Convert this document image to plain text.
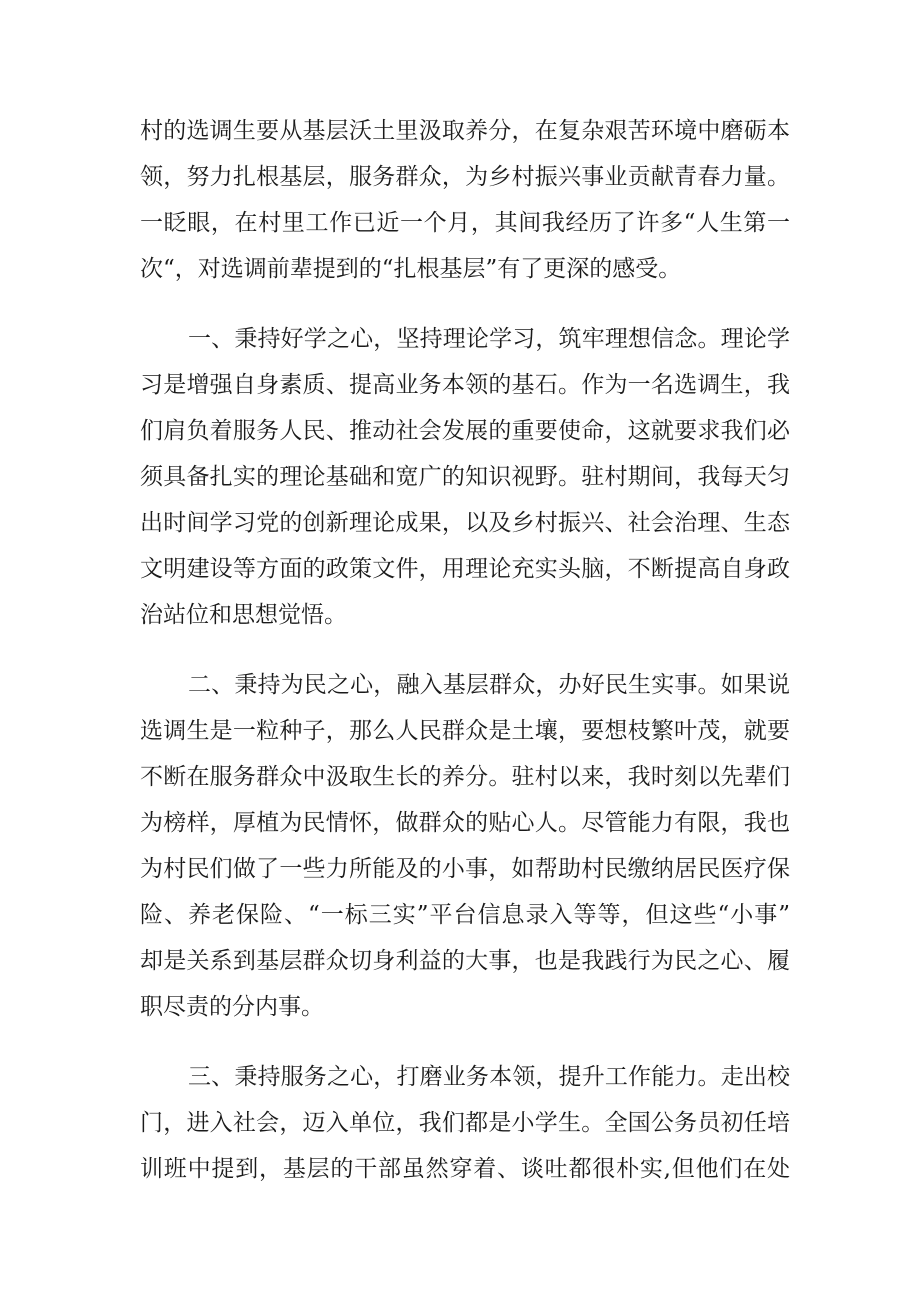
村的选调生要从基层沃土里汲取养分，在复杂艰苦环境中磨砺本

领，努力扎根基层，服务群众，为乡村振兴事业贡献青春力量。

一眨眼，在村里工作已近一个月，其间我经历了许多“人生第一

次“，对选调前辈提到的“扎根基层”有了更深的感受。

一、秉持好学之心，坚持理论学习，筑牢理想信念。理论学

习是增强自身素质、提高业务本领的基石。作为一名选调生，我

们肩负着服务人民、推动社会发展的重要使命，这就要求我们必

须具备扎实的理论基础和宽广的知识视野。驻村期间，我每天匀

出时间学习党的创新理论成果，以及乡村振兴、社会治理、生态

文明建设等方面的政策文件，用理论充实头脑，不断提高自身政

治站位和思想觉悟。

二、秉持为民之心，融入基层群众，办好民生实事。如果说

选调生是一粒种子，那么人民群众是土壤，要想枝繁叶茂，就要

不断在服务群众中汲取生长的养分。驻村以来，我时刻以先辈们

为榜样，厚植为民情怀，做群众的贴心人。尽管能力有限，我也

为村民们做了一些力所能及的小事，如帮助村民缴纳居民医疗保

险、养老保险、“一标三实”平台信息录入等等，但这些“小事”

却是关系到基层群众切身利益的大事，也是我践行为民之心、履

职尽责的分内事。

三、秉持服务之心，打磨业务本领，提升工作能力。走出校

门，进入社会，迈入单位，我们都是小学生。全国公务员初任培

训班中提到，基层的干部虽然穿着、谈吐都很朴实,但他们在处
